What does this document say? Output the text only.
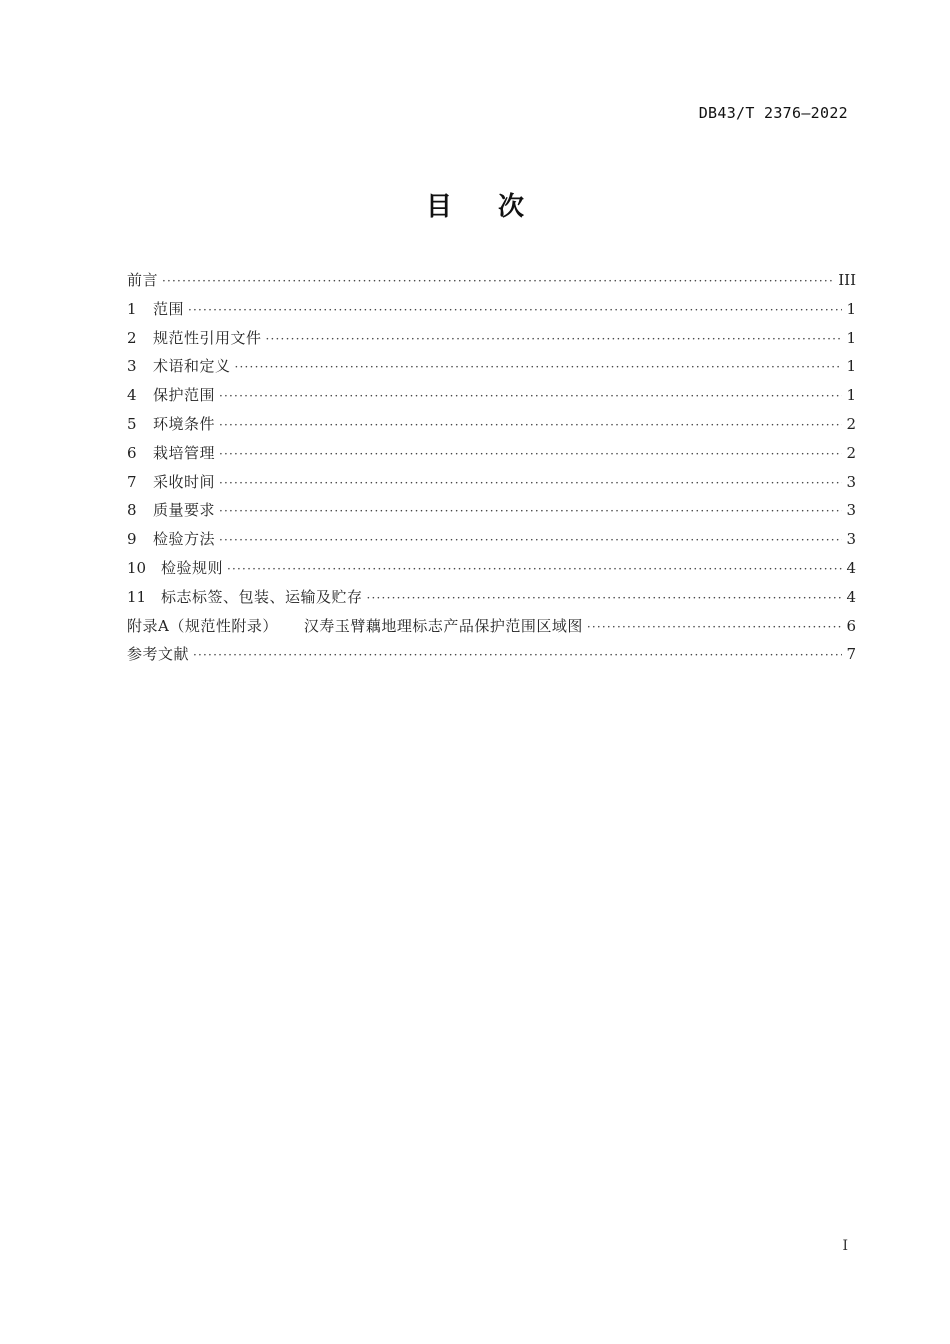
DB43/T 2376—2022
目次
前言 ·····	III
1	范围 ·····	1
2	规范性引用文件 ·····	1
3	术语和定义 ·····	1
4	保护范围 ·····	1
5	环境条件 ·····	2
6	栽培管理 ·····	2
7	采收时间 ·····	3
8	质量要求 ·····	3
9	检验方法 ·····	3
10 检验规则 ·····	4
11 标志标签、包装、运输及贮存 ·····	4
附录A（规范性附录） 汉寿玉臂藕地理标志产品保护范围区域图 ·····	6
参考文献 ·····	7
I
